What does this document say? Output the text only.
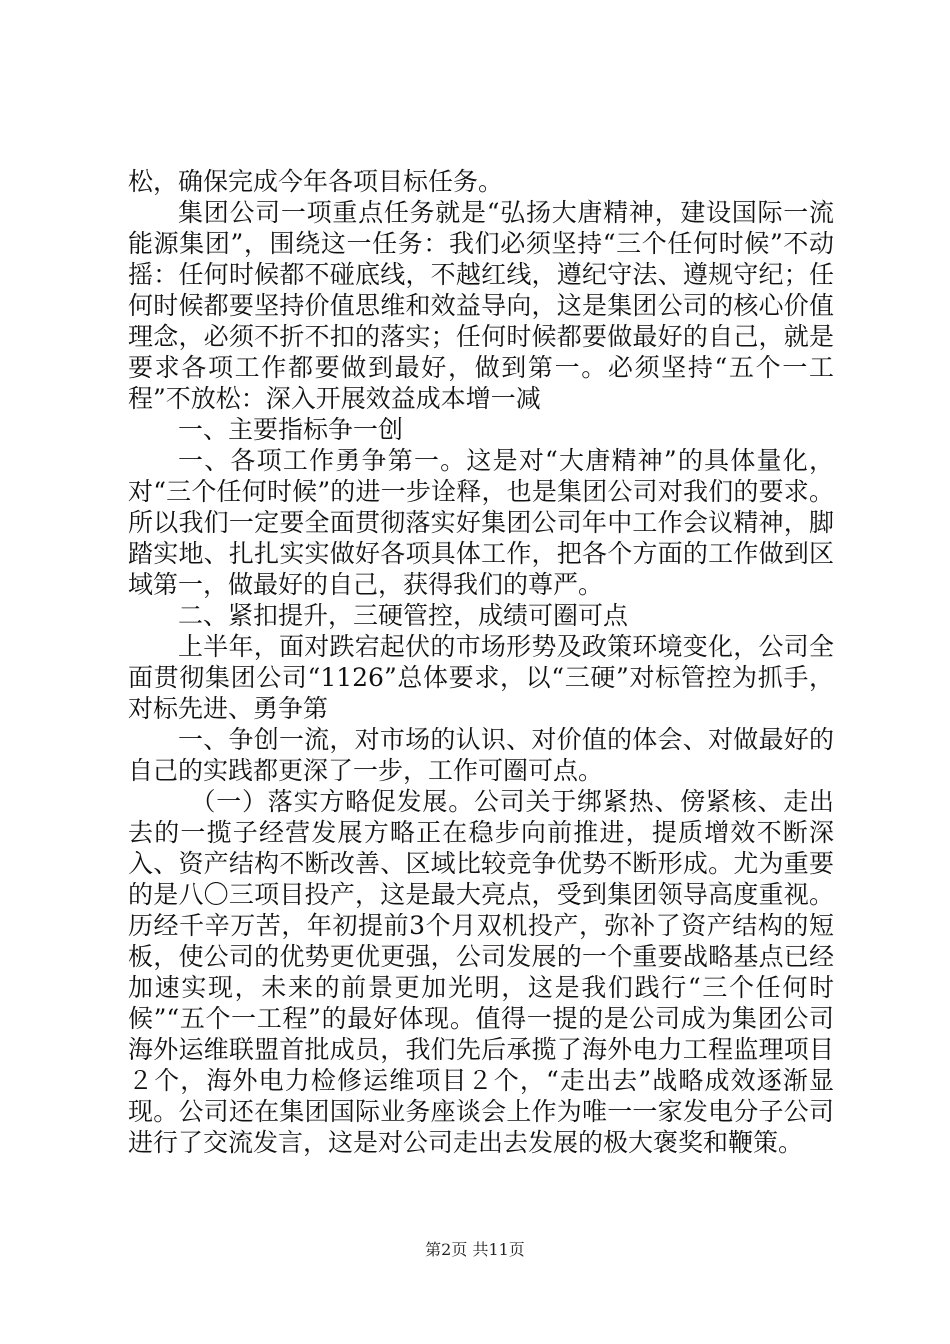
松，确保完成今年各项目标任务。

集团公司一项重点任务就是“弘扬大唐精神，建设国际一流能源集团”，围绕这一任务：我们必须坚持“三个任何时候”不动摇：任何时候都不碰底线，不越红线，遵纪守法、遵规守纪；任何时候都要坚持价值思维和效益导向，这是集团公司的核心价值理念，必须不折不扣的落实；任何时候都要做最好的自己，就是要求各项工作都要做到最好，做到第一。必须坚持“五个一工程”不放松：深入开展效益成本增一减

一、主要指标争一创

一、各项工作勇争第一。这是对“大唐精神”的具体量化，对“三个任何时候”的进一步诠释，也是集团公司对我们的要求。所以我们一定要全面贯彻落实好集团公司年中工作会议精神，脚踏实地、扎扎实实做好各项具体工作，把各个方面的工作做到区域第一，做最好的自己，获得我们的尊严。

二、紧扣提升，三硬管控，成绩可圈可点

上半年，面对跌宕起伏的市场形势及政策环境变化，公司全面贯彻集团公司“1126”总体要求，以“三硬”对标管控为抓手，对标先进、勇争第

一、争创一流，对市场的认识、对价值的体会、对做最好的自己的实践都更深了一步，工作可圈可点。

（一）落实方略促发展。公司关于绑紧热、傍紧核、走出去的一揽子经营发展方略正在稳步向前推进，提质增效不断深入、资产结构不断改善、区域比较竞争优势不断形成。尤为重要的是八〇三项目投产，这是最大亮点，受到集团领导高度重视。历经千辛万苦，年初提前3个月双机投产，弥补了资产结构的短板，使公司的优势更优更强，公司发展的一个重要战略基点已经加速实现，未来的前景更加光明，这是我们践行“三个任何时候”“五个一工程”的最好体现。值得一提的是公司成为集团公司海外运维联盟首批成员，我们先后承揽了海外电力工程监理项目２个，海外电力检修运维项目２个，“走出去”战略成效逐渐显现。公司还在集团国际业务座谈会上作为唯一一家发电分子公司进行了交流发言，这是对公司走出去发展的极大褒奖和鞭策。

第2页 共11页
